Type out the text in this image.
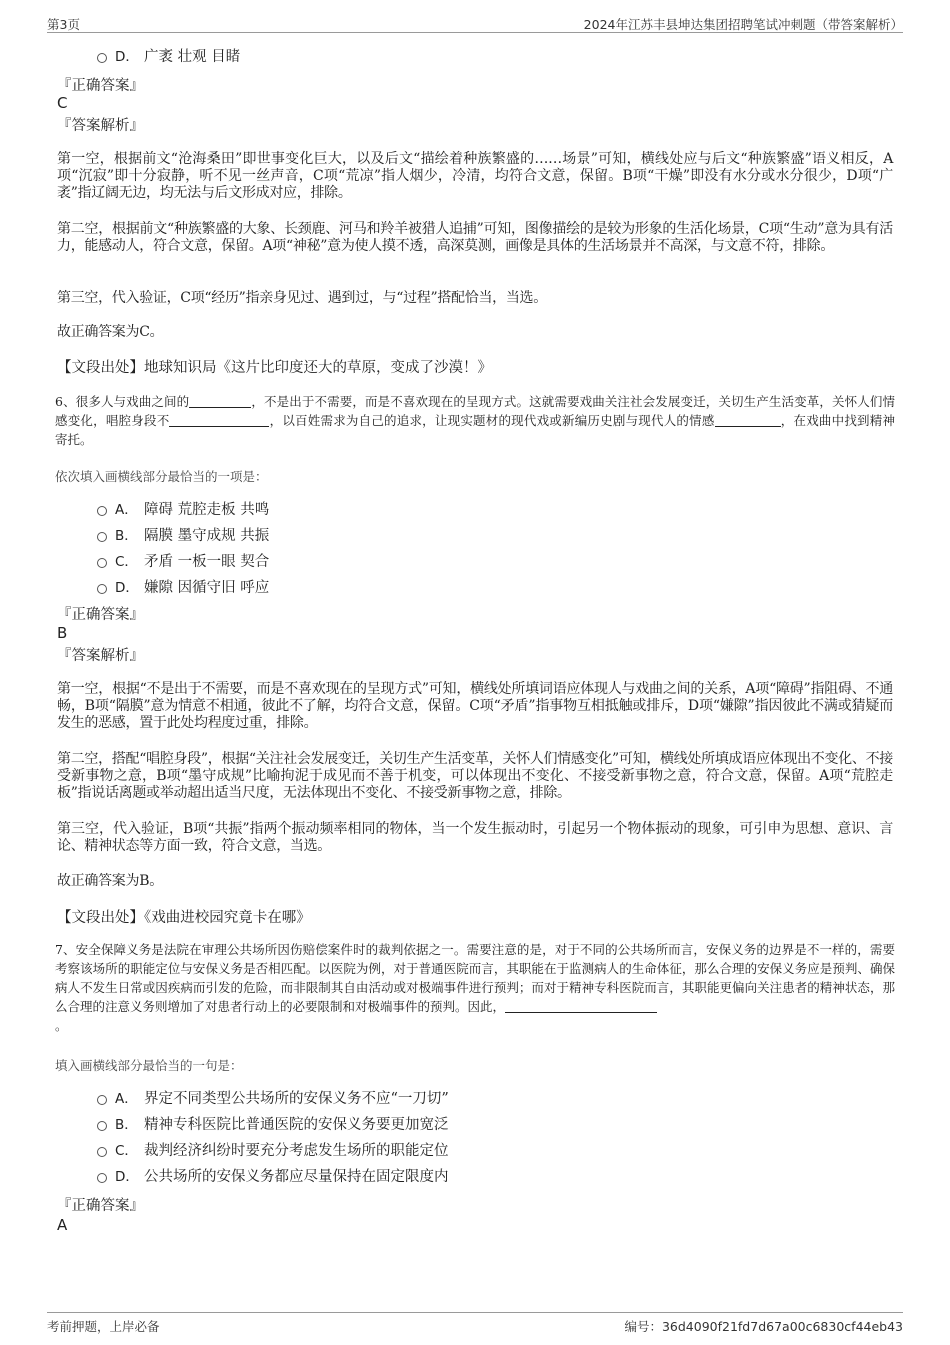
第3页	2024年江苏丰县坤达集团招聘笔试冲刺题（带答案解析）
D． 广袤 壮观 目睹
『正确答案』
C
『答案解析』
第一空，根据前文“沧海桑田”即世事变化巨大，以及后文“描绘着种族繁盛的……场景”可知，横线处应与后文“种族繁盛”语义相反，A项“沉寂”即十分寂静，听不见一丝声音，C项“荒凉”指人烟少，冷清，均符合文意，保留。B项“干燥”即没有水分或水分很少，D项“广袤”指辽阔无边，均无法与后文形成对应，排除。
第二空，根据前文“种族繁盛的大象、长颈鹿、河马和羚羊被猎人追捕”可知，图像描绘的是较为形象的生活化场景，C项“生动”意为具有活力，能感动人，符合文意，保留。A项“神秘”意为使人摸不透，高深莫测，画像是具体的生活场景并不高深，与文意不符，排除。
第三空，代入验证，C项“经历”指亲身见过、遇到过，与“过程”搭配恰当，当选。
故正确答案为C。
【文段出处】地球知识局《这片比印度还大的草原，变成了沙漠！》
6、很多人与戏曲之间的	，不是出于不需要，而是不喜欢现在的呈现方式。这就需要戏曲关注社会发展变迁，关切生产生活变革，关怀人们情感变化，唱腔身段不	，以百姓需求为自己的追求，让现实题材的现代戏或新编历史剧与现代人的情感	，在戏曲中找到精神寄托。
依次填入画横线部分最恰当的一项是：
A． 障碍 荒腔走板 共鸣
B． 隔膜 墨守成规 共振
C． 矛盾 一板一眼 契合
D． 嫌隙 因循守旧 呼应
『正确答案』
B
『答案解析』
第一空，根据“不是出于不需要，而是不喜欢现在的呈现方式”可知，横线处所填词语应体现人与戏曲之间的关系，A项“障碍”指阻碍、不通畅，B项“隔膜”意为情意不相通，彼此不了解，均符合文意，保留。C项“矛盾”指事物互相抵触或排斥，D项“嫌隙”指因彼此不满或猜疑而发生的恶感，置于此处均程度过重，排除。
第二空，搭配“唱腔身段”，根据“关注社会发展变迁，关切生产生活变革，关怀人们情感变化”可知，横线处所填成语应体现出不变化、不接受新事物之意，B项“墨守成规”比喻拘泥于成见而不善于机变，可以体现出不变化、不接受新事物之意，符合文意，保留。A项“荒腔走板”指说话离题或举动超出适当尺度，无法体现出不变化、不接受新事物之意，排除。
第三空，代入验证，B项“共振”指两个振动频率相同的物体，当一个发生振动时，引起另一个物体振动的现象，可引申为思想、意识、言论、精神状态等方面一致，符合文意，当选。
故正确答案为B。
【文段出处】《戏曲进校园究竟卡在哪》
7、安全保障义务是法院在审理公共场所因伤赔偿案件时的裁判依据之一。需要注意的是，对于不同的公共场所而言，安保义务的边界是不一样的，需要考察该场所的职能定位与安保义务是否相匹配。以医院为例，对于普通医院而言，其职能在于监测病人的生命体征，那么合理的安保义务应是预判、确保病人不发生日常或因疾病而引发的危险，而非限制其自由活动或对极端事件进行预判；而对于精神专科医院而言，其职能更偏向关注患者的精神状态，那么合理的注意义务则增加了对患者行动上的必要限制和对极端事件的预判。因此，
。
填入画横线部分最恰当的一句是：
A． 界定不同类型公共场所的安保义务不应“一刀切”
B． 精神专科医院比普通医院的安保义务要更加宽泛
C． 裁判经济纠纷时要充分考虑发生场所的职能定位
D． 公共场所的安保义务都应尽量保持在固定限度内
『正确答案』
A
考前押题，上岸必备	编号：36d4090f21fd7d67a00c6830cf44eb43
